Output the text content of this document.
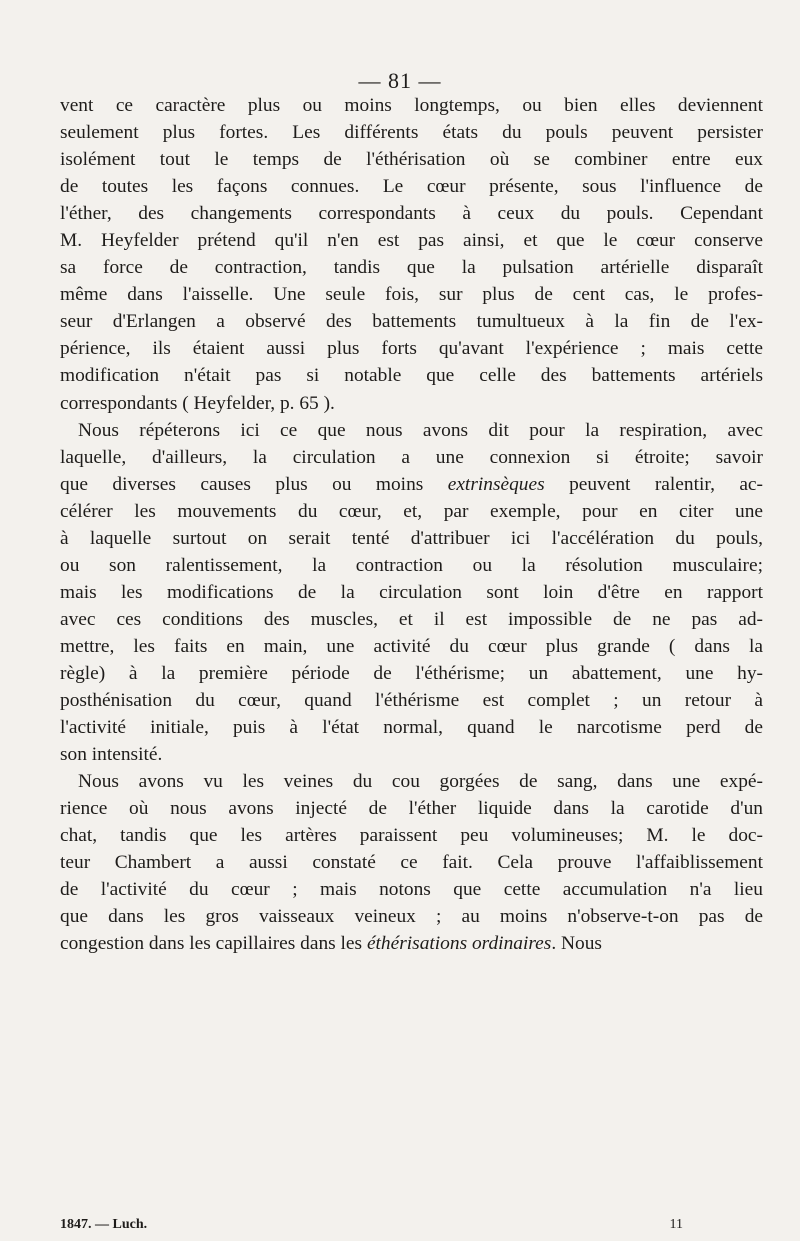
— 81 —
vent ce caractère plus ou moins longtemps, ou bien elles deviennent
seulement plus fortes. Les différents états du pouls peuvent persister
isolément tout le temps de l'éthérisation où se combiner entre eux
de toutes les façons connues. Le cœur présente, sous l'influence de
l'éther, des changements correspondants à ceux du pouls. Cependant
M. Heyfelder prétend qu'il n'en est pas ainsi, et que le cœur conserve
sa force de contraction, tandis que la pulsation artérielle disparaît
même dans l'aisselle. Une seule fois, sur plus de cent cas, le profes-
seur d'Erlangen a observé des battements tumultueux à la fin de l'ex-
périence, ils étaient aussi plus forts qu'avant l'expérience ; mais cette
modification n'était pas si notable que celle des battements artériels
correspondants ( Heyfelder, p. 65 ).
Nous répéterons ici ce que nous avons dit pour la respiration, avec
laquelle, d'ailleurs, la circulation a une connexion si étroite; savoir
que diverses causes plus ou moins extrinsèques peuvent ralentir, ac-
célérer les mouvements du cœur, et, par exemple, pour en citer une
à laquelle surtout on serait tenté d'attribuer ici l'accélération du pouls,
ou son ralentissement, la contraction ou la résolution musculaire;
mais les modifications de la circulation sont loin d'être en rapport
avec ces conditions des muscles, et il est impossible de ne pas ad-
mettre, les faits en main, une activité du cœur plus grande ( dans la
règle) à la première période de l'éthérisme; un abattement, une hy-
posthénisation du cœur, quand l'éthérisme est complet ; un retour à
l'activité initiale, puis à l'état normal, quand le narcotisme perd de
son intensité.
Nous avons vu les veines du cou gorgées de sang, dans une expé-
rience où nous avons injecté de l'éther liquide dans la carotide d'un
chat, tandis que les artères paraissent peu volumineuses; M. le doc-
teur Chambert a aussi constaté ce fait. Cela prouve l'affaiblissement
de l'activité du cœur ; mais notons que cette accumulation n'a lieu
que dans les gros vaisseaux veineux ; au moins n'observe-t-on pas de
congestion dans les capillaires dans les éthérisations ordinaires. Nous
1847. — Luch.	11
